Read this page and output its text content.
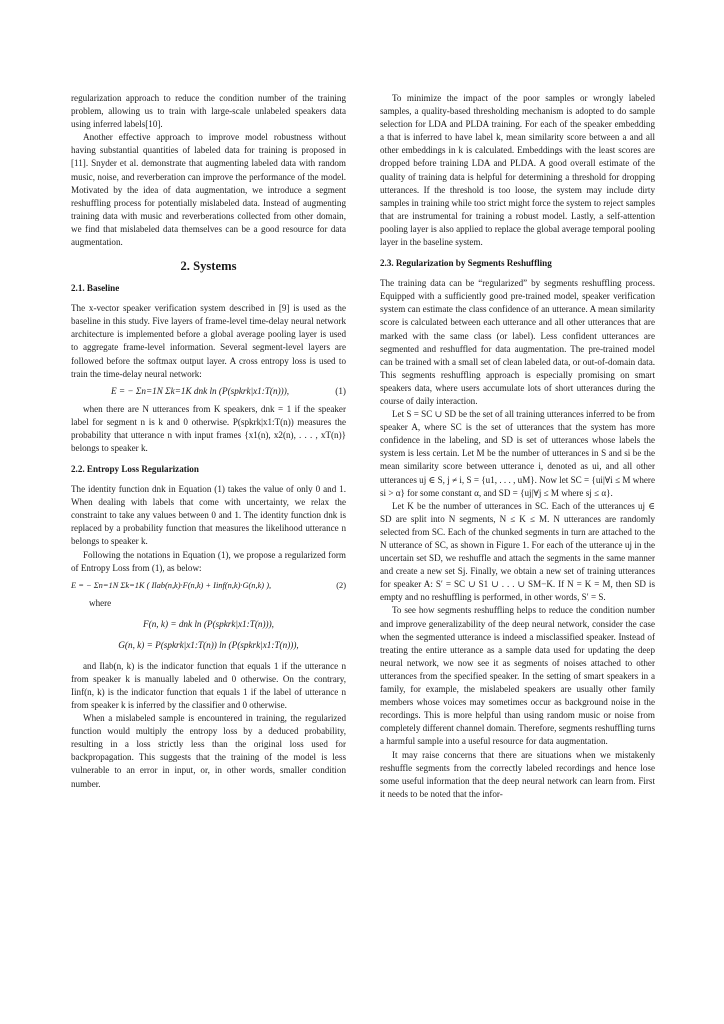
regularization approach to reduce the condition number of the training problem, allowing us to train with large-scale unlabeled speakers data using inferred labels[10].

Another effective approach to improve model robustness without having substantial quantities of labeled data for training is proposed in [11]. Snyder et al. demonstrate that augmenting labeled data with random music, noise, and reverberation can improve the performance of the model. Motivated by the idea of data augmentation, we introduce a segment reshuffling process for potentially mislabeled data. Instead of augmenting training data with music and reverberations collected from other domain, we find that mislabeled data themselves can be a good resource for data augmentation.

2. Systems
2.1. Baseline

The x-vector speaker verification system described in [9] is used as the baseline in this study. Five layers of frame-level time-delay neural network architecture is implemented before a global average pooling layer is used to aggregate frame-level information. Several segment-level layers are followed before the softmax output layer. A cross entropy loss is used to train the time-delay neural network:

E = − Σn=1N Σk=1K dnk ln (P(spkrk|x1:T(n))),	(1)

when there are N utterances from K speakers, dnk = 1 if the speaker label for segment n is k and 0 otherwise. P(spkrk|x1:T(n)) measures the probability that utterance n with input frames {x1(n), x2(n), . . . , xT(n)} belongs to speaker k.

2.2. Entropy Loss Regularization

The identity function dnk in Equation (1) takes the value of only 0 and 1. When dealing with labels that come with uncertainty, we relax the constraint to take any values between 0 and 1. The identity function dnk is replaced by a probability function that measures the likelihood utterance n belongs to speaker k.

Following the notations in Equation (1), we propose a regularized form of Entropy Loss from (1), as below:

E = − Σn=1N Σk=1K ( Ilab(n,k)·F(n,k) + Iinf(n,k)·G(n,k) ),	(2)
where
F(n, k) = dnk ln (P(spkrk|x1:T(n))),
G(n, k) = P(spkrk|x1:T(n)) ln (P(spkrk|x1:T(n))),

and Ilab(n, k) is the indicator function that equals 1 if the utterance n from speaker k is manually labeled and 0 otherwise. On the contrary, Iinf(n, k) is the indicator function that equals 1 if the label of utterance n from speaker k is inferred by the classifier and 0 otherwise.

When a mislabeled sample is encountered in training, the regularized function would multiply the entropy loss by a deduced probability, resulting in a loss strictly less than the original loss used for backpropagation. This suggests that the training of the model is less vulnerable to an error in input, or, in other words, smaller condition number.

To minimize the impact of the poor samples or wrongly labeled samples, a quality-based thresholding mechanism is adopted to do sample selection for LDA and PLDA training. For each of the speaker embedding a that is inferred to have label k, mean similarity score between a and all other embeddings in k is calculated. Embeddings with the least scores are dropped before training LDA and PLDA. A good overall estimate of the quality of training data is helpful for determining a threshold for dropping utterances. If the threshold is too loose, the system may include dirty samples in training while too strict might force the system to reject samples that are instrumental for training a robust model. Lastly, a self-attention pooling layer is also applied to replace the global average temporal pooling layer in the baseline system.

2.3. Regularization by Segments Reshuffling

The training data can be “regularized” by segments reshuffling process. Equipped with a sufficiently good pre-trained model, speaker verification system can estimate the class confidence of an utterance. A mean similarity score is calculated between each utterance and all other utterances that are marked with the same class (or label). Less confident utterances are segmented and reshuffled for data augmentation. The pre-trained model can be trained with a small set of clean labeled data, or out-of-domain data. This segments reshuffling approach is especially promising on smart speakers data, where users accumulate lots of short utterances during the course of daily interaction.

Let S = SC ∪ SD be the set of all training utterances inferred to be from speaker A, where SC is the set of utterances that the system has more confidence in the labeling, and SD is set of utterances whose labels the system is less certain. Let M be the number of utterances in S and si be the mean similarity score between utterance i, denoted as ui, and all other utterances uj ∈ S, j ≠ i, S = {u1, . . . , uM}. Now let SC = {ui|∀i ≤ M where si > α} for some constant α, and SD = {uj|∀j ≤ M where sj ≤ α}.

Let K be the number of utterances in SC. Each of the utterances uj ∈ SD are split into N segments, N ≤ K ≤ M. N utterances are randomly selected from SC. Each of the chunked segments in turn are attached to the N utterance of SC, as shown in Figure 1. For each of the utterance uj in the uncertain set SD, we reshuffle and attach the segments in the same manner and create a new set Sj. Finally, we obtain a new set of training utterances for speaker A: S′ = SC ∪ S1 ∪ . . . ∪ SM−K. If N = K = M, then SD is empty and no reshuffling is performed, in other words, S′ = S.

To see how segments reshuffling helps to reduce the condition number and improve generalizability of the deep neural network, consider the case when the segmented utterance is indeed a misclassified speaker. Instead of treating the entire utterance as a sample data used for updating the deep neural network, we now see it as segments of noises attached to other utterances from the specified speaker. In the setting of smart speakers in a family, for example, the mislabeled speakers are usually other family members whose voices may sometimes occur as background noise in the recordings. This is more helpful than using random music or noise from completely different channel domain. Therefore, segments reshuffling turns a harmful sample into a useful resource for data augmentation.

It may raise concerns that there are situations when we mistakenly reshuffle segments from the correctly labeled recordings and hence lose some useful information that the deep neural network can learn from. First it needs to be noted that the infor-
